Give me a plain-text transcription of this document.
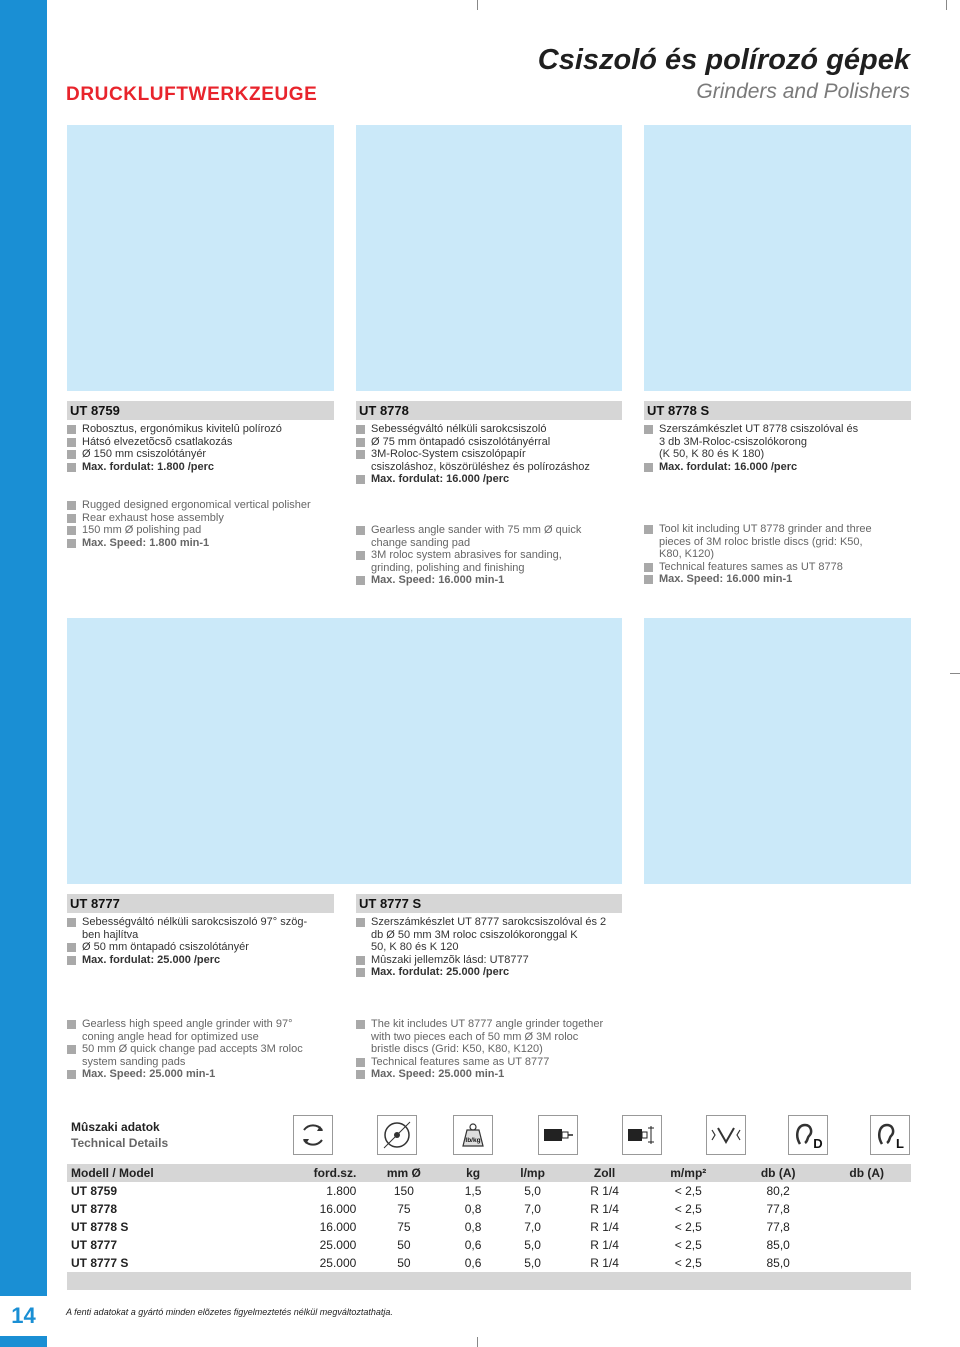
14
DRUCKLUFTWERKZEUGE
Csiszoló és polírozó gépek
Grinders and Polishers
UT 8759
Robosztus, ergonómikus kivitelû polírozó
Hátsó elvezetõcsõ csatlakozás
Ø 150 mm csiszolótányér
Max. fordulat: 1.800 /perc
Rugged designed ergonomical vertical polisher
Rear exhaust hose assembly
150 mm Ø polishing pad
Max. Speed: 1.800 min-1
UT 8778
Sebességváltó nélküli sarokcsiszoló
Ø 75 mm öntapadó csiszolótányérral
3M-Roloc-System csiszolópapír
csiszoláshoz, köszörüléshez és polírozáshoz
Max. fordulat: 16.000 /perc
Gearless angle sander with 75 mm Ø quick
change sanding pad
3M roloc system abrasives for sanding,
grinding, polishing and finishing
Max. Speed: 16.000 min-1
UT 8778 S
Szerszámkészlet UT 8778 csiszolóval és
3 db 3M-Roloc-csiszolókorong
(K 50, K 80 és K 180)
Max. fordulat: 16.000 /perc
Tool kit including UT 8778 grinder and three
pieces of 3M roloc bristle discs (grid: K50,
K80, K120)
Technical features sames as UT 8778
Max. Speed: 16.000 min-1
UT 8777
Sebességváltó nélküli sarokcsiszoló 97° szög-
ben hajlítva
Ø 50 mm öntapadó csiszolótányér
Max. fordulat: 25.000 /perc
Gearless high speed angle grinder with 97°
coning angle head for optimized use
50 mm Ø quick change pad accepts 3M roloc
system sanding pads
Max. Speed: 25.000 min-1
UT 8777 S
Szerszámkészlet UT 8777 sarokcsiszolóval és 2
db Ø 50 mm 3M roloc csiszolókoronggal K
50, K 80 és K 120
Mûszaki jellemzõk lásd: UT8777
Max. fordulat: 25.000 /perc
The kit includes UT 8777 angle grinder together
with two pieces each of 50 mm Ø 3M roloc
bristle discs (Grid: K50, K80, K120)
Technical features same as UT 8777
Max. Speed: 25.000 min-1
Mûszaki adatok
Technical Details	lb/kg	D	L
Modell / Model	ford.sz.	mm Ø	kg	l/mp	Zoll	m/mp²	db (A)	db (A)
UT 8759	1.800	150	1,5	5,0	R 1/4	< 2,5	80,2	
UT 8778	16.000	75	0,8	7,0	R 1/4	< 2,5	77,8	
UT 8778 S	16.000	75	0,8	7,0	R 1/4	< 2,5	77,8	
UT 8777	25.000	50	0,6	5,0	R 1/4	< 2,5	85,0	
UT 8777 S	25.000	50	0,6	5,0	R 1/4	< 2,5	85,0	

A fenti adatokat a gyártó minden elõzetes figyelmeztetés nélkül megváltoztathatja.
